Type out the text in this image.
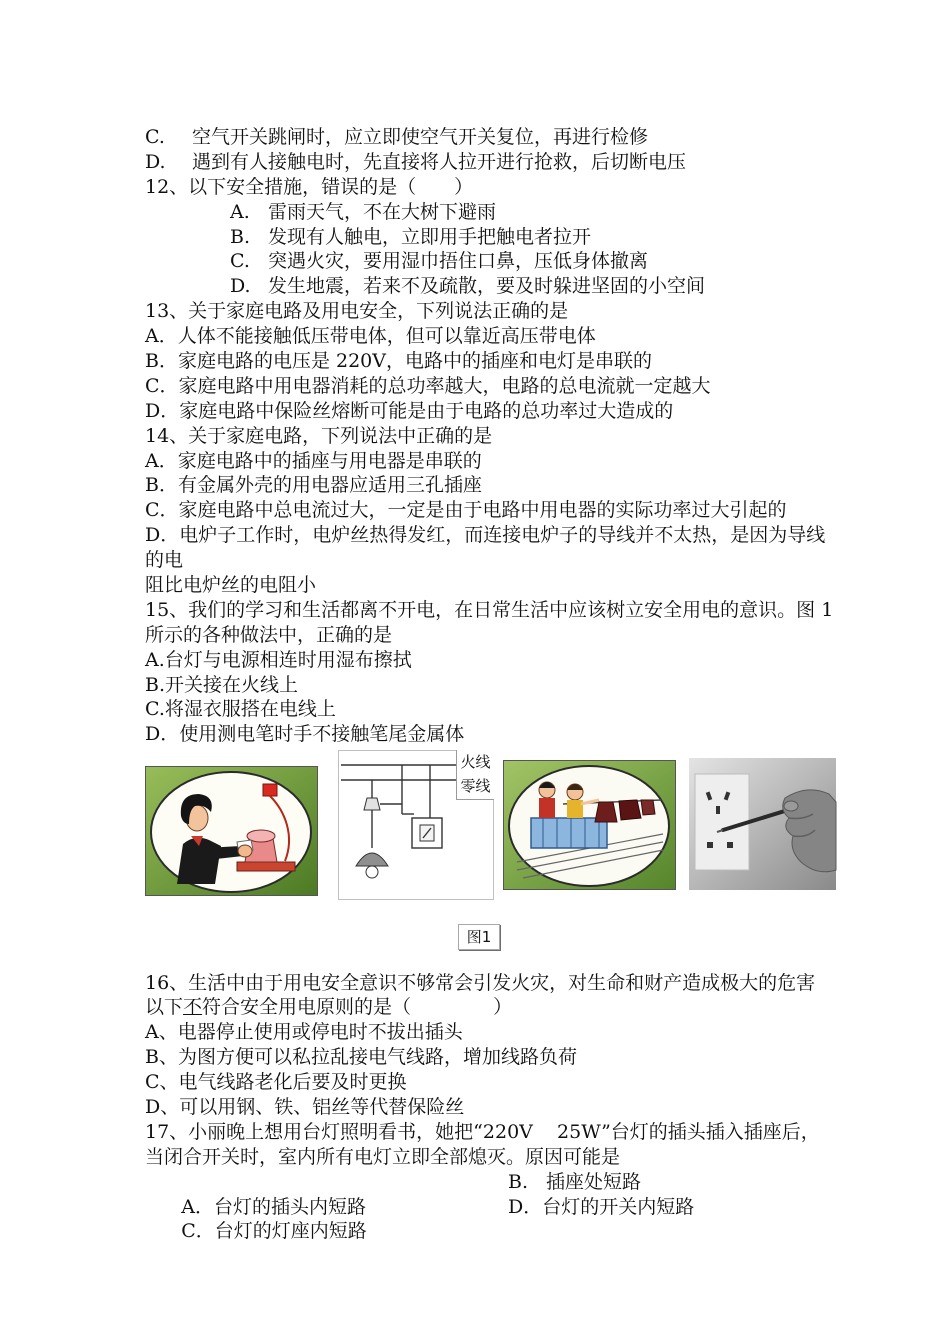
C. 空气开关跳闸时，应立即使空气开关复位，再进行检修
D. 遇到有人接触电时，先直接将人拉开进行抢救，后切断电压
12、以下安全措施，错误的是（　　）
A. 雷雨天气，不在大树下避雨
B. 发现有人触电，立即用手把触电者拉开
C. 突遇火灾，要用湿巾捂住口鼻，压低身体撤离
D. 发生地震，若来不及疏散，要及时躲进坚固的小空间
13、关于家庭电路及用电安全，下列说法正确的是
A．人体不能接触低压带电体，但可以靠近高压带电体
B．家庭电路的电压是 220V，电路中的插座和电灯是串联的
C．家庭电路中用电器消耗的总功率越大，电路的总电流就一定越大
D．家庭电路中保险丝熔断可能是由于电路的总功率过大造成的
14、关于家庭电路，下列说法中正确的是
A．家庭电路中的插座与用电器是串联的
B．有金属外壳的用电器应适用三孔插座
C．家庭电路中总电流过大，一定是由于电路中用电器的实际功率过大引起的
D．电炉子工作时，电炉丝热得发红，而连接电炉子的导线并不太热，是因为导线
的电
阻比电炉丝的电阻小
15、我们的学习和生活都离不开电，在日常生活中应该树立安全用电的意识。图 1
所示的各种做法中，正确的是
A.台灯与电源相连时用湿布擦拭
B.开关接在火线上
C.将湿衣服搭在电线上
D．使用测电笔时手不接触笔尾金属体
火线
零线
图1
16、生活中由于用电安全意识不够常会引发火灾，对生命和财产造成极大的危害
以下不符合安全用电原则的是（　　　　 ）
A、电器停止使用或停电时不拔出插头
B、为图方便可以私拉乱接电气线路，增加线路负荷
C、电气线路老化后要及时更换
D、可以用钢、铁、铝丝等代替保险丝
17、小丽晚上想用台灯照明看书，她把“220V    25W”台灯的插头插入插座后，
当闭合开关时，室内所有电灯立即全部熄灭。原因可能是

A．台灯的插头内短路

B. 插座处短路

C．台灯的灯座内短路

D．台灯的开关内短路
